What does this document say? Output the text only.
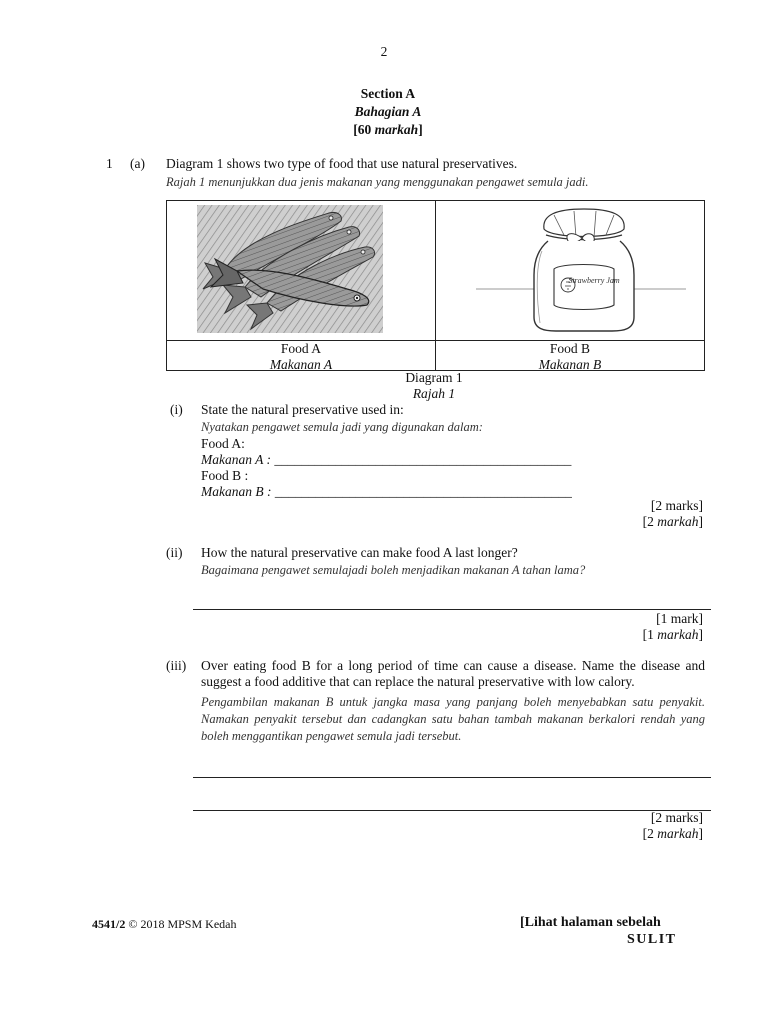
2
Section A
Bahagian A
[60 markah]
1 (a) Diagram 1 shows two type of food that use natural preservatives.
Rajah 1 menunjukkan dua jenis makanan yang menggunakan pengawet semula jadi.
Strawberry Jam
Food A
Makanan A
Food B
Makanan B
Diagram 1
Rajah 1
(i) State the natural preservative used in:
Nyatakan pengawet semula jadi yang digunakan dalam:
Food A:
Makanan A : ____________________________________________
Food B :
Makanan B : ____________________________________________
[2 marks]
[2 markah]
(ii) How the natural preservative can make food A last longer?
Bagaimana pengawet semulajadi boleh menjadikan makanan A tahan lama?
[1 mark]
[1 markah]
(iii) Over eating food B for a long period of time can cause a disease. Name the disease and suggest a food additive that can replace the natural preservative with low calory.
Pengambilan makanan B untuk jangka masa yang panjang boleh menyebabkan satu penyakit. Namakan penyakit tersebut dan cadangkan satu bahan tambah makanan berkalori rendah yang boleh menggantikan pengawet semula jadi tersebut.
[2 marks]
[2 markah]
4541/2 © 2018 MPSM Kedah	[Lihat halaman sebelah
SULIT
